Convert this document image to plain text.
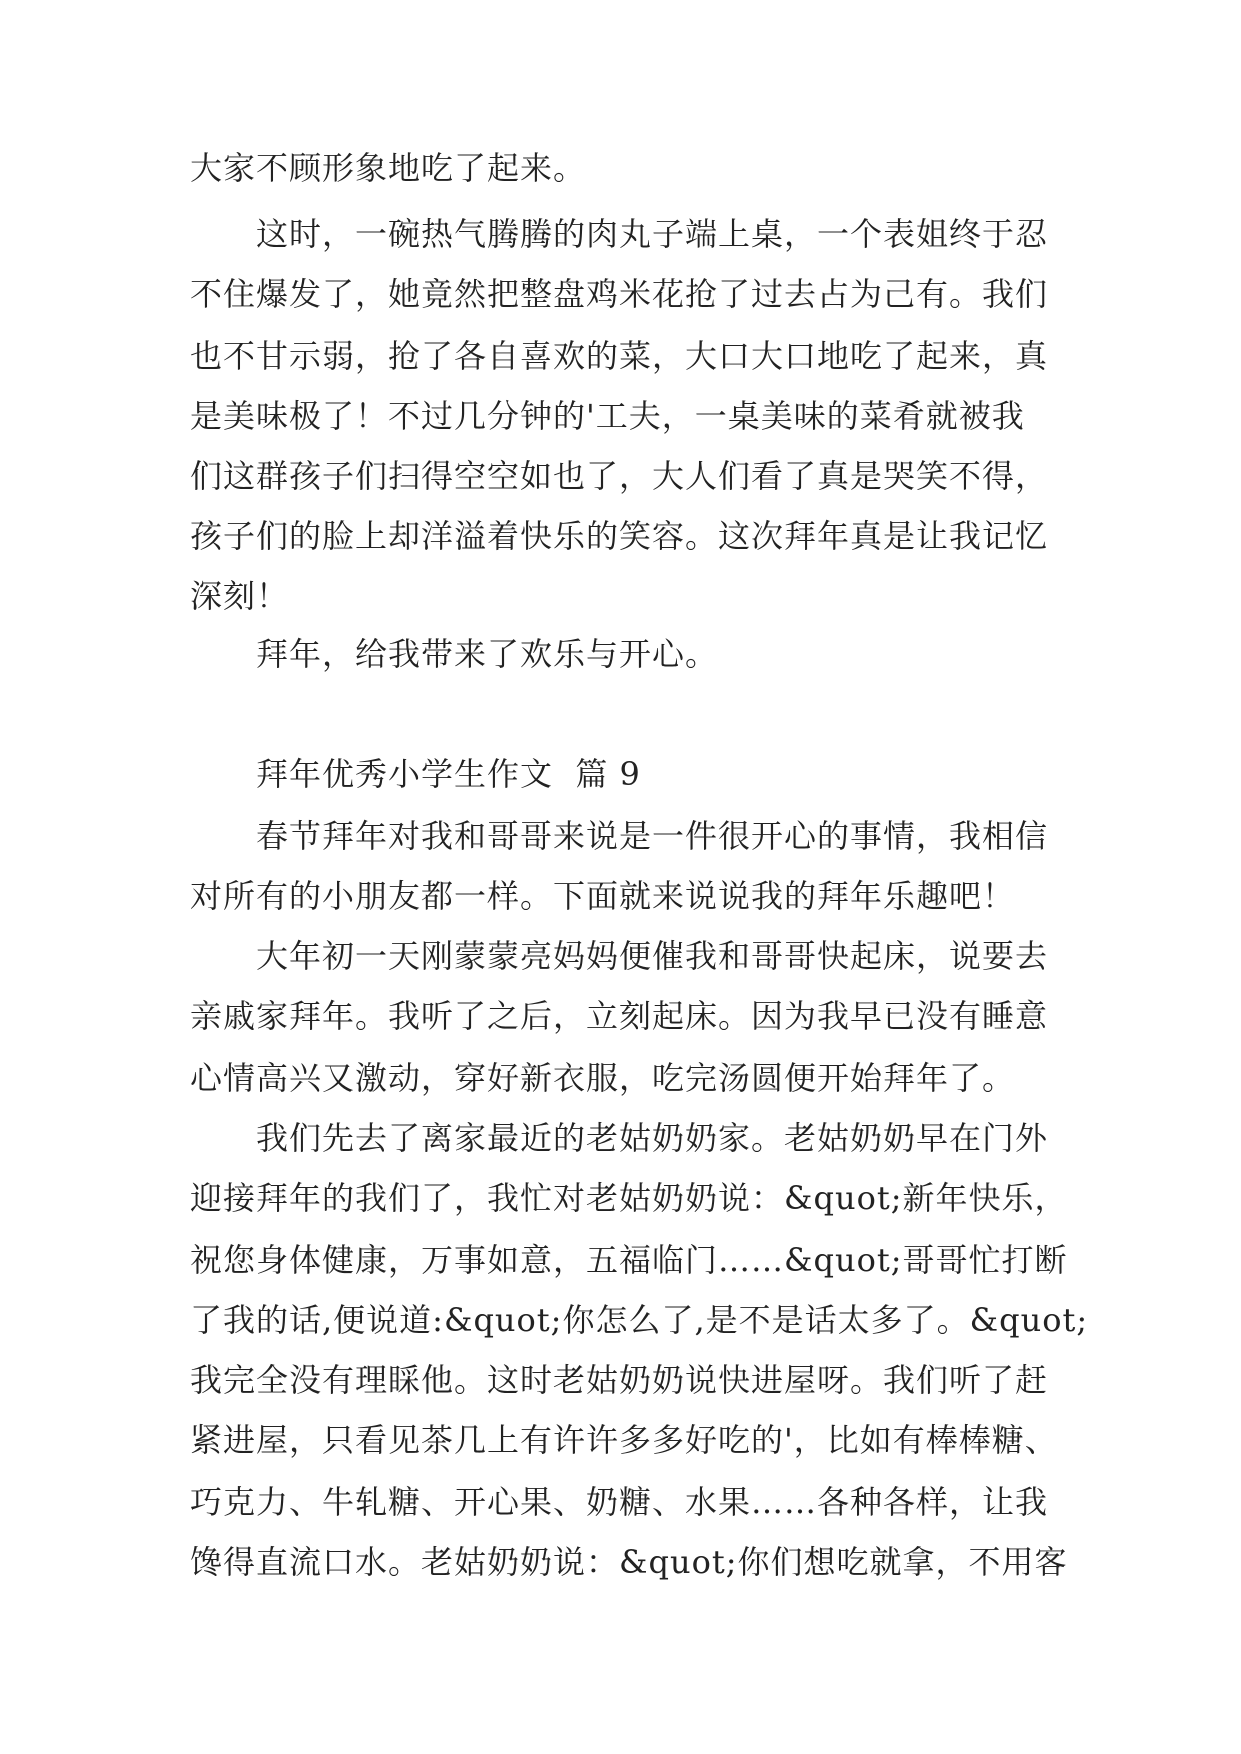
大家不顾形象地吃了起来。
　　这时，一碗热气腾腾的肉丸子端上桌，一个表姐终于忍
不住爆发了，她竟然把整盘鸡米花抢了过去占为己有。我们
也不甘示弱，抢了各自喜欢的菜，大口大口地吃了起来，真
是美味极了！不过几分钟的'工夫，一桌美味的菜肴就被我
们这群孩子们扫得空空如也了，大人们看了真是哭笑不得，
孩子们的脸上却洋溢着快乐的笑容。这次拜年真是让我记忆
深刻！
　　拜年，给我带来了欢乐与开心。
　　拜年优秀小学生作文  篇 9
　　春节拜年对我和哥哥来说是一件很开心的事情，我相信
对所有的小朋友都一样。下面就来说说我的拜年乐趣吧！
　　大年初一天刚蒙蒙亮妈妈便催我和哥哥快起床，说要去
亲戚家拜年。我听了之后，立刻起床。因为我早已没有睡意
心情高兴又激动，穿好新衣服，吃完汤圆便开始拜年了。
　　我们先去了离家最近的老姑奶奶家。老姑奶奶早在门外
迎接拜年的我们了，我忙对老姑奶奶说：&quot;新年快乐，
祝您身体健康，万事如意，五福临门……&quot;哥哥忙打断
了我的话,便说道:&quot;你怎么了,是不是话太多了。&quot;
我完全没有理睬他。这时老姑奶奶说快进屋呀。我们听了赶
紧进屋，只看见茶几上有许许多多好吃的'，比如有棒棒糖、
巧克力、牛轧糖、开心果、奶糖、水果……各种各样，让我
馋得直流口水。老姑奶奶说：&quot;你们想吃就拿，不用客
